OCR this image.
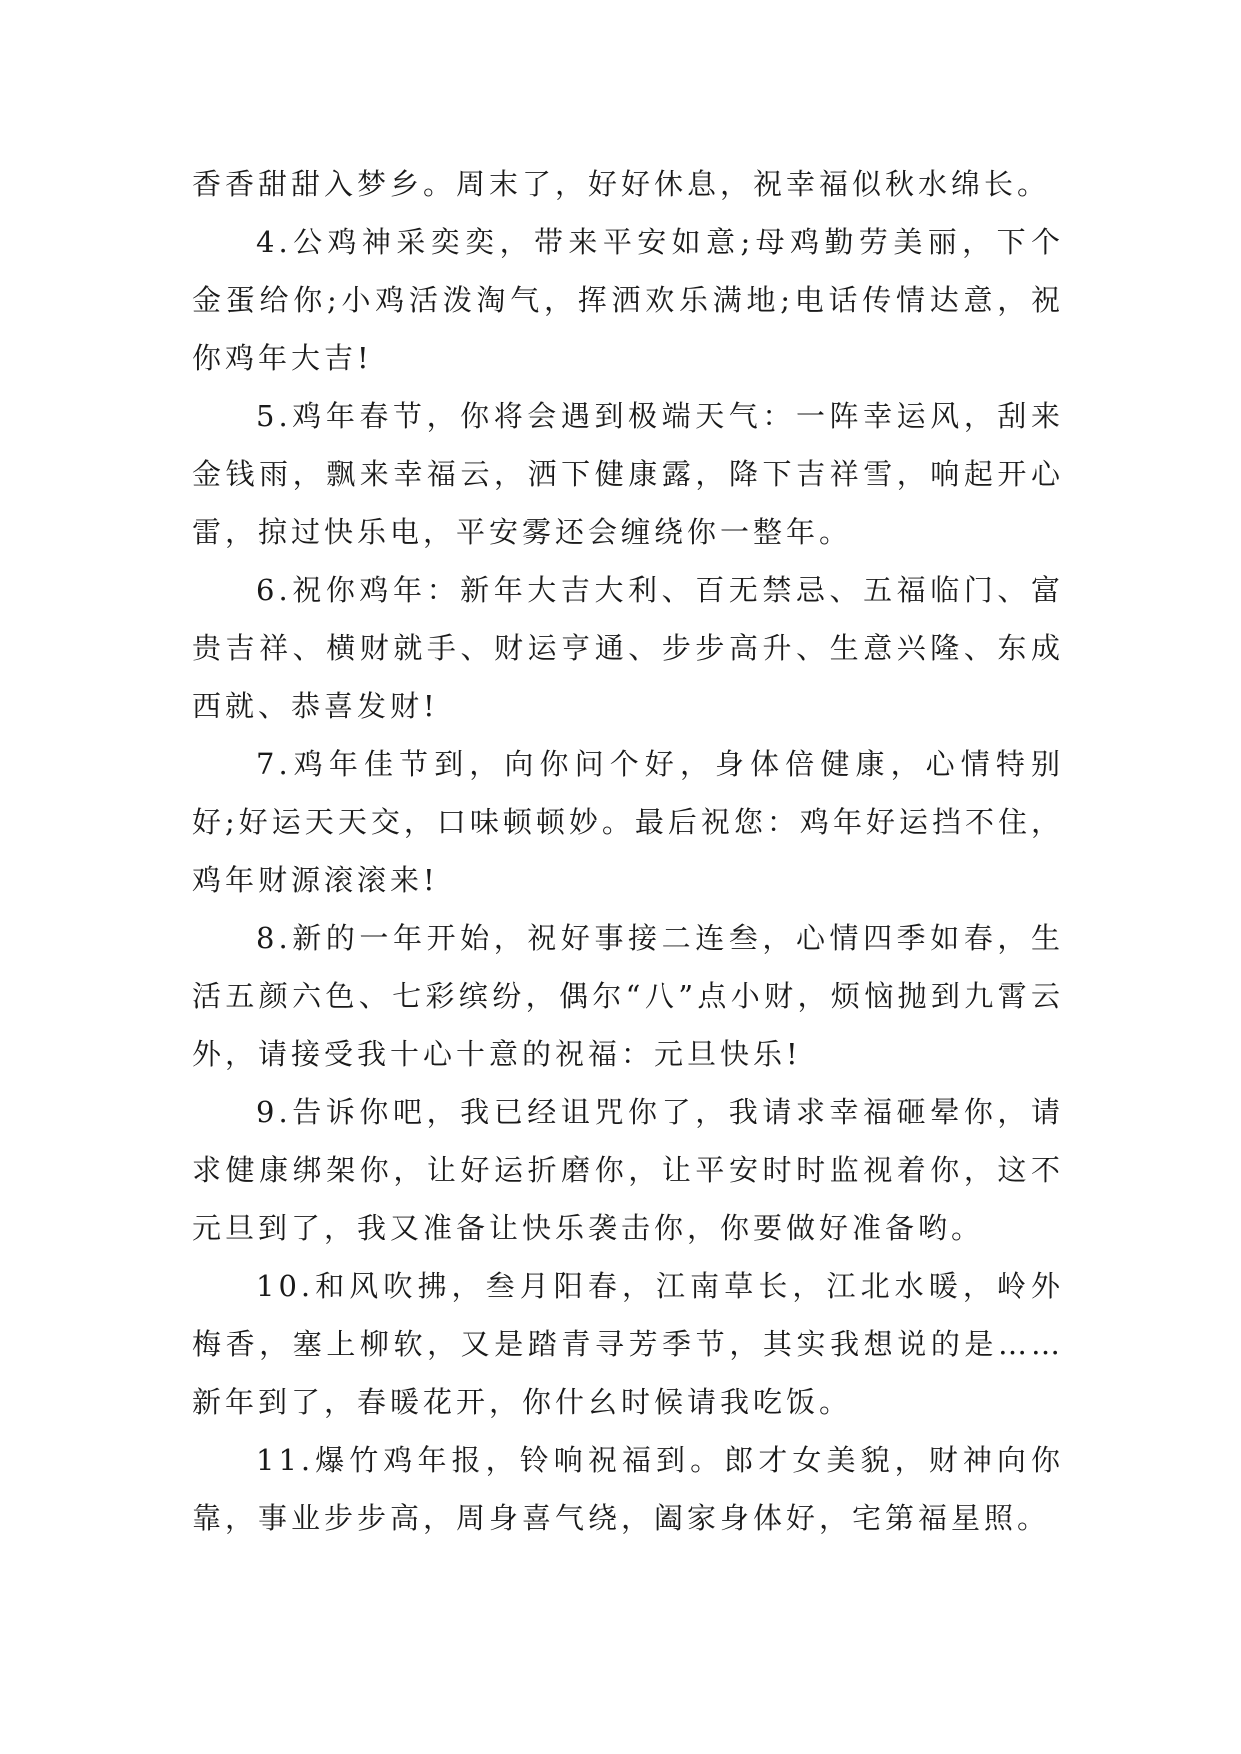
香香甜甜入梦乡。周末了，好好休息，祝幸福似秋水绵长。

4.公鸡神采奕奕，带来平安如意;母鸡勤劳美丽，下个金蛋给你;小鸡活泼淘气，挥洒欢乐满地;电话传情达意，祝你鸡年大吉!

5.鸡年春节，你将会遇到极端天气：一阵幸运风，刮来金钱雨，飘来幸福云，洒下健康露，降下吉祥雪，响起开心雷，掠过快乐电，平安雾还会缠绕你一整年。

6.祝你鸡年：新年大吉大利、百无禁忌、五福临门、富贵吉祥、横财就手、财运亨通、步步高升、生意兴隆、东成西就、恭喜发财!

7.鸡年佳节到，向你问个好，身体倍健康，心情特别好;好运天天交，口味顿顿妙。最后祝您：鸡年好运挡不住，鸡年财源滚滚来!

8.新的一年开始，祝好事接二连叁，心情四季如春，生活五颜六色、七彩缤纷，偶尔“八”点小财，烦恼抛到九霄云外，请接受我十心十意的祝福：元旦快乐!

9.告诉你吧，我已经诅咒你了，我请求幸福砸晕你，请求健康绑架你，让好运折磨你，让平安时时监视着你，这不元旦到了，我又准备让快乐袭击你，你要做好准备哟。

10.和风吹拂，叁月阳春，江南草长，江北水暖，岭外梅香，塞上柳软，又是踏青寻芳季节，其实我想说的是……新年到了，春暖花开，你什幺时候请我吃饭。

11.爆竹鸡年报，铃响祝福到。郎才女美貌，财神向你靠，事业步步高，周身喜气绕，阖家身体好，宅第福星照。
